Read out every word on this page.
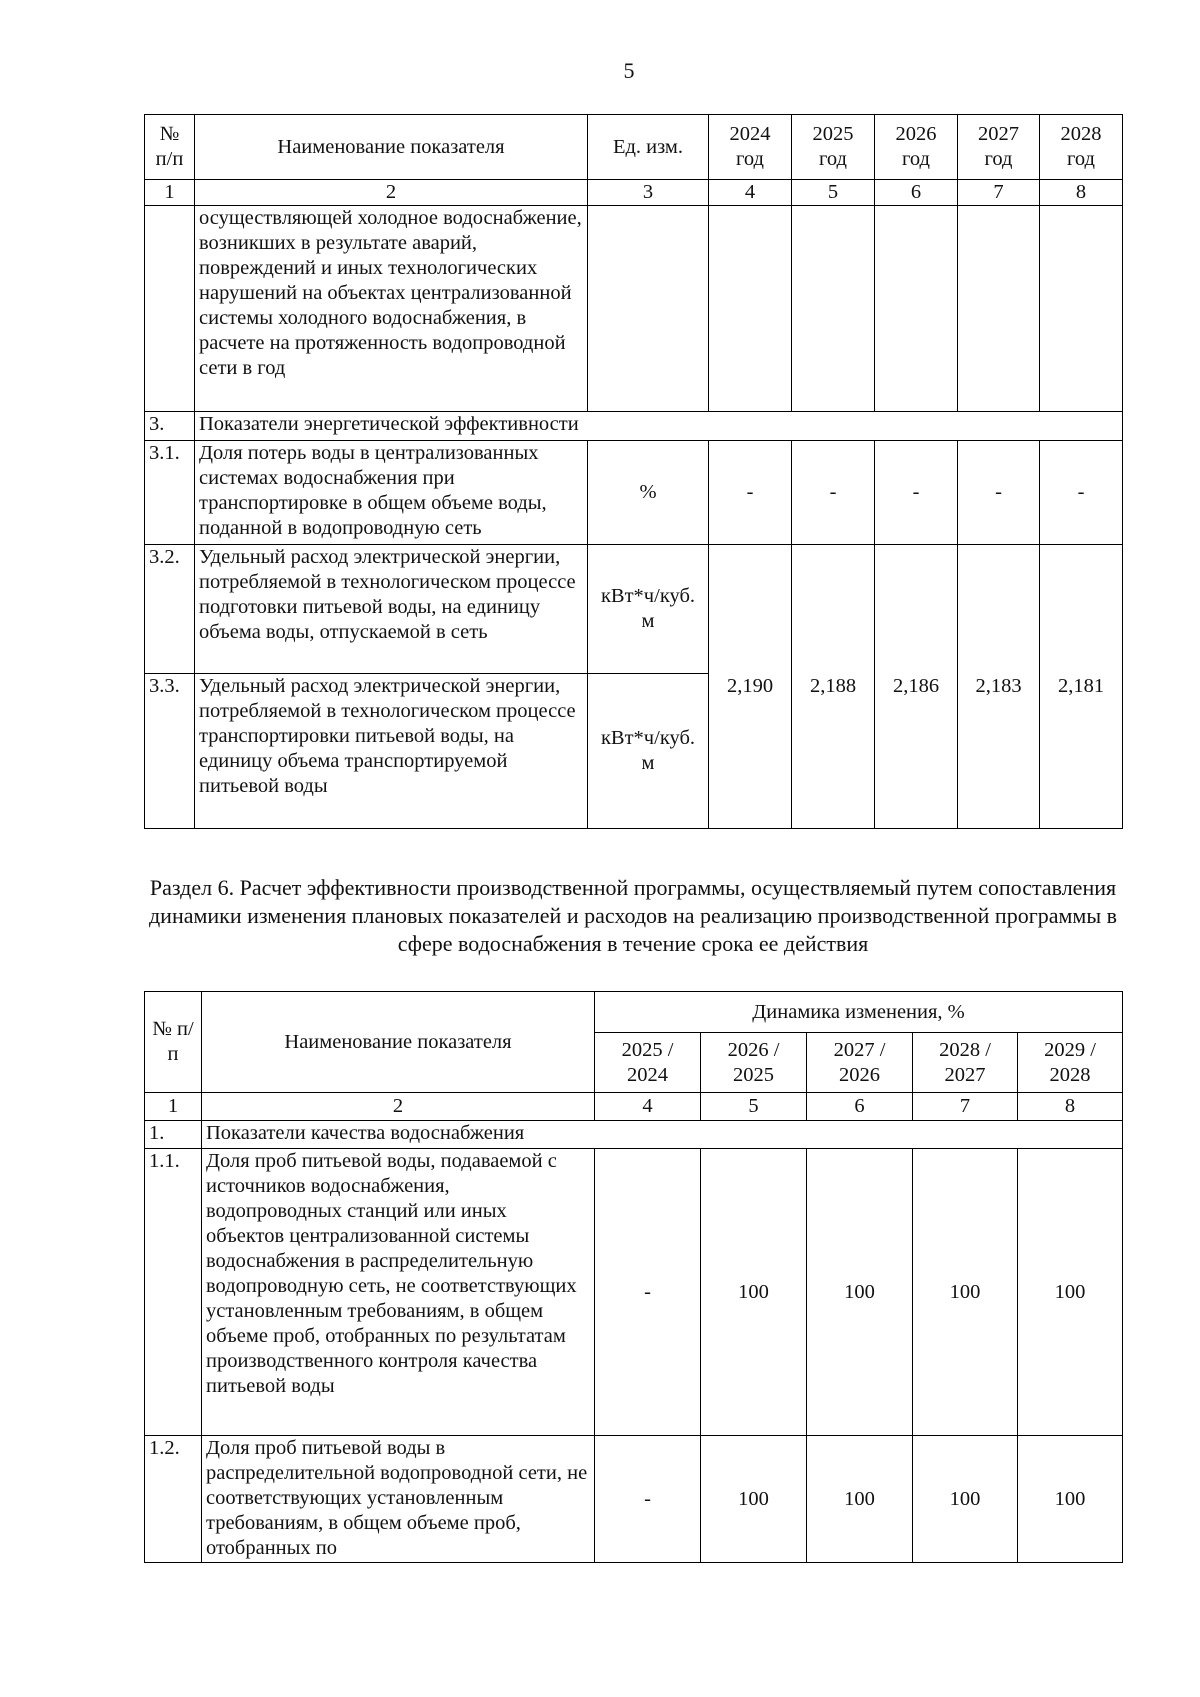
5
№ п/п	Наименование показателя	Ед. изм.	2024 год	2025 год	2026 год	2027 год	2028 год
1	2	3	4	5	6	7	8
	осуществляющей холодное водоснабжение, возникших в результате аварий, повреждений и иных технологических нарушений на объектах централизованной системы холодного водоснабжения, в расчете на протяженность водопроводной сети в год						
3.	Показатели энергетической эффективности						
3.1.	Доля потерь воды в централизованных системах водоснабжения при транспортировке в общем объеме воды, поданной в водопроводную сеть	%	-	-	-	-	-
3.2.	Удельный расход электрической энергии, потребляемой в технологическом процессе подготовки питьевой воды, на единицу объема воды, отпускаемой в сеть	кВт*ч/куб. м	2,190	2,188	2,186	2,183	2,181
3.3.	Удельный расход электрической энергии, потребляемой в технологическом процессе транспортировки питьевой воды, на единицу объема транспортируемой питьевой воды	кВт*ч/куб. м					
Раздел 6. Расчет эффективности производственной программы, осуществляемый путем сопоставления динамики изменения плановых показателей и расходов на реализацию производственной программы в сфере водоснабжения в течение срока ее действия
№ п/п	Наименование показателя	Динамика изменения, %				
		2025 / 2024	2026 / 2025	2027 / 2026	2028 / 2027	2029 / 2028
1	2	4	5	6	7	8
1.	Показатели качества водоснабжения					
1.1.	Доля проб питьевой воды, подаваемой с источников водоснабжения, водопроводных станций или иных объектов централизованной системы водоснабжения в распределительную водопроводную сеть, не соответствующих установленным требованиям, в общем объеме проб, отобранных по результатам производственного контроля качества питьевой воды	-	100	100	100	100
1.2.	Доля проб питьевой воды в распределительной водопроводной сети, не соответствующих установленным требованиям, в общем объеме проб, отобранных по	-	100	100	100	100
